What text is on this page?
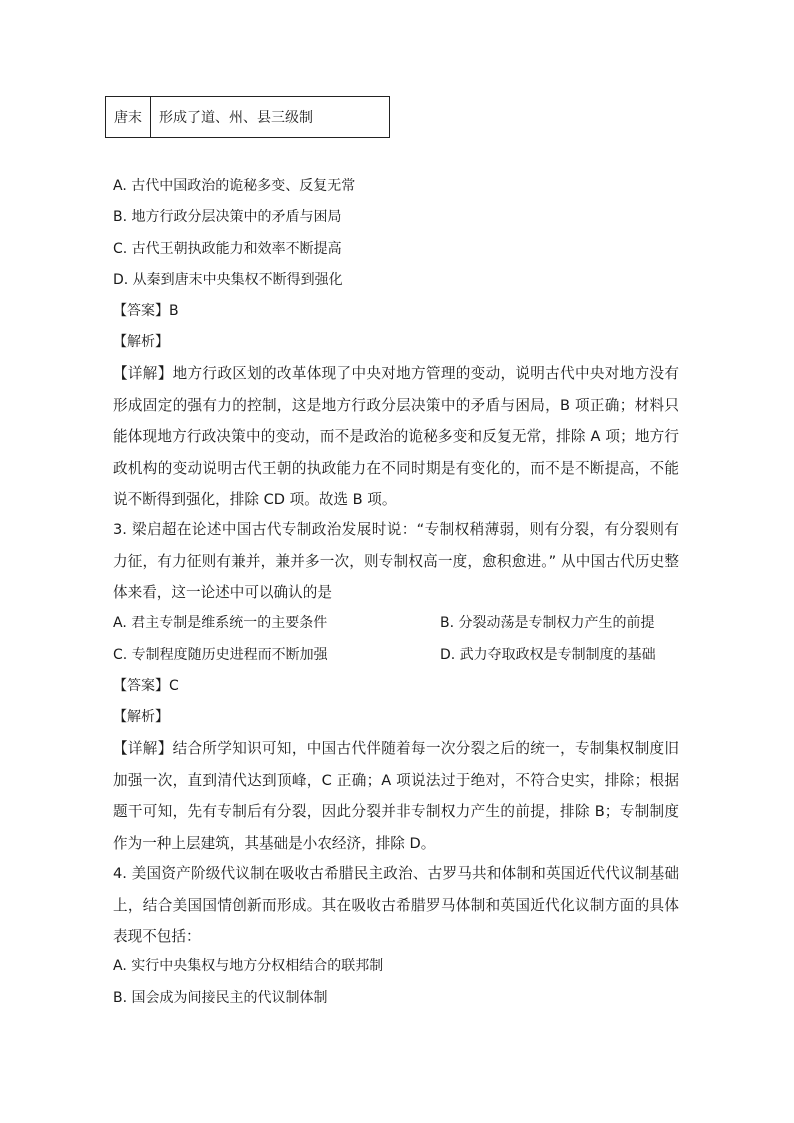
唐末	形成了道、州、县三级制
A. 古代中国政治的诡秘多变、反复无常
B. 地方行政分层决策中的矛盾与困局
C. 古代王朝执政能力和效率不断提高
D. 从秦到唐末中央集权不断得到强化
【答案】B
【解析】
【详解】地方行政区划的改革体现了中央对地方管理的变动，说明古代中央对地方没有形成固定的强有力的控制，这是地方行政分层决策中的矛盾与困局，B 项正确；材料只能体现地方行政决策中的变动，而不是政治的诡秘多变和反复无常，排除 A 项；地方行政机构的变动说明古代王朝的执政能力在不同时期是有变化的，而不是不断提高，不能说不断得到强化，排除 CD 项。故选 B 项。
3. 梁启超在论述中国古代专制政治发展时说：“专制权稍薄弱，则有分裂，有分裂则有力征，有力征则有兼并，兼并多一次，则专制权高一度，愈积愈进。” 从中国古代历史整体来看，这一论述中可以确认的是
A. 君主专制是维系统一的主要条件	B. 分裂动荡是专制权力产生的前提
C. 专制程度随历史进程而不断加强	D. 武力夺取政权是专制制度的基础
【答案】C
【解析】
【详解】结合所学知识可知，中国古代伴随着每一次分裂之后的统一，专制集权制度旧加强一次，直到清代达到顶峰，C 正确；A 项说法过于绝对，不符合史实，排除；根据题干可知，先有专制后有分裂，因此分裂并非专制权力产生的前提，排除 B；专制制度作为一种上层建筑，其基础是小农经济，排除 D。
4. 美国资产阶级代议制在吸收古希腊民主政治、古罗马共和体制和英国近代代议制基础上，结合美国国情创新而形成。其在吸收古希腊罗马体制和英国近代化议制方面的具体表现不包括：
A. 实行中央集权与地方分权相结合的联邦制
B. 国会成为间接民主的代议制体制
